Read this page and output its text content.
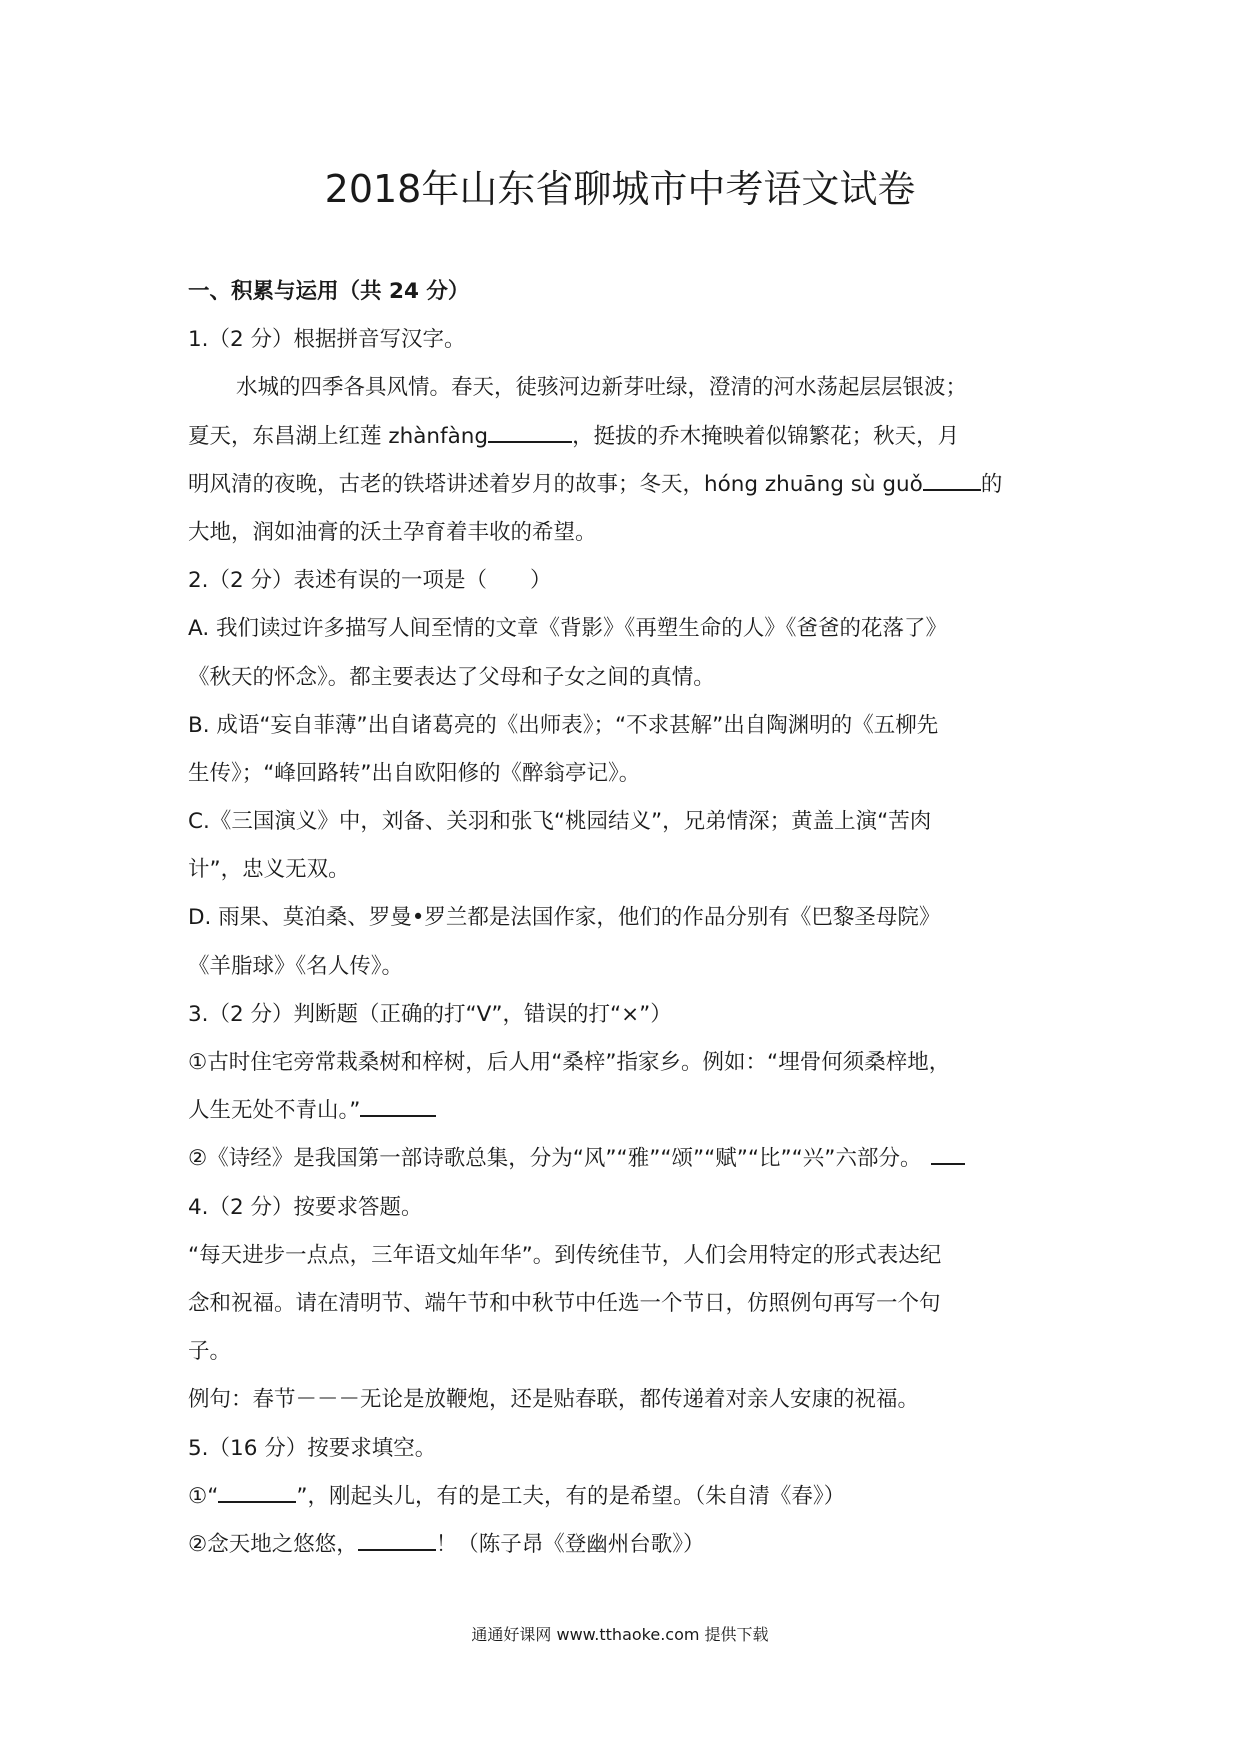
2018年山东省聊城市中考语文试卷
一、积累与运用（共 24 分）
1.（2 分）根据拼音写汉字。
水城的四季各具风情。春天，徒骇河边新芽吐绿，澄清的河水荡起层层银波；
夏天，东昌湖上红莲 zhànfàng	，挺拔的乔木掩映着似锦繁花；秋天，月
明风清的夜晚，古老的铁塔讲述着岁月的故事；冬天，hóng zhuāng sù guǒ	的
大地，润如油膏的沃土孕育着丰收的希望。
2.（2 分）表述有误的一项是（　　）
A. 我们读过许多描写人间至情的文章《背影》《再塑生命的人》《爸爸的花落了》
《秋天的怀念》。都主要表达了父母和子女之间的真情。
B. 成语“妄自菲薄”出自诸葛亮的《出师表》；“不求甚解”出自陶渊明的《五柳先
生传》；“峰回路转”出自欧阳修的《醉翁亭记》。
C.《三国演义》中，刘备、关羽和张飞“桃园结义”，兄弟情深；黄盖上演“苦肉
计”，忠义无双。
D. 雨果、莫泊桑、罗曼•罗兰都是法国作家，他们的作品分别有《巴黎圣母院》
《羊脂球》《名人传》。
3.（2 分）判断题（正确的打“V”，错误的打“×”）
①古时住宅旁常栽桑树和梓树，后人用“桑梓”指家乡。例如：“埋骨何须桑梓地，
人生无处不青山。”
②《诗经》是我国第一部诗歌总集，分为“风”“雅”“颂”“赋”“比”“兴”六部分。
4.（2 分）按要求答题。
“每天进步一点点，三年语文灿年华”。到传统佳节，人们会用特定的形式表达纪
念和祝福。请在清明节、端午节和中秋节中任选一个节日，仿照例句再写一个句
子。
例句：春节－－－无论是放鞭炮，还是贴春联，都传递着对亲人安康的祝福。
5.（16 分）按要求填空。
①“	”，刚起头儿，有的是工夫，有的是希望。（朱自清《春》）
②念天地之悠悠，	！（陈子昂《登幽州台歌》）
通通好课网 www.tthaoke.com 提供下载
